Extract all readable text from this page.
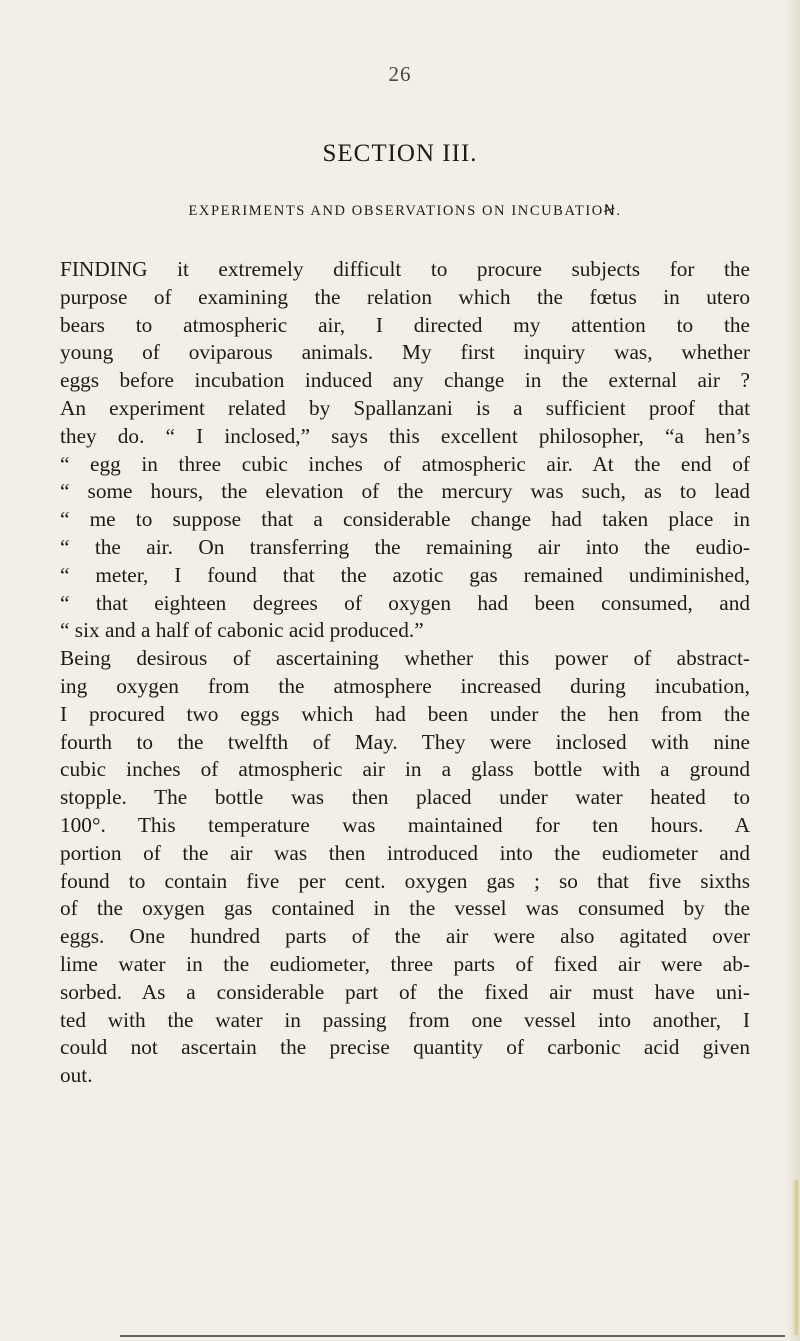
26
SECTION III.
EXPERIMENTS AND OBSERVATIONS ON INCUBATIOꞤ.
FINDING it extremely difficult to procure subjects for the
purpose of examining the relation which the fœtus in utero
bears to atmospheric air, I directed my attention to the
young of oviparous animals. My first inquiry was, whether
eggs before incubation induced any change in the external air ?
An experiment related by Spallanzani is a sufficient proof that
they do. “ I inclosed,” says this excellent philosopher, “a hen’s
“ egg in three cubic inches of atmospheric air. At the end of
“ some hours, the elevation of the mercury was such, as to lead
“ me to suppose that a considerable change had taken place in
“ the air. On transferring the remaining air into the eudio-
“ meter, I found that the azotic gas remained undiminished,
“ that eighteen degrees of oxygen had been consumed, and
“ six and a half of cabonic acid produced.”
Being desirous of ascertaining whether this power of abstract-
ing oxygen from the atmosphere increased during incubation,
I procured two eggs which had been under the hen from the
fourth to the twelfth of May. They were inclosed with nine
cubic inches of atmospheric air in a glass bottle with a ground
stopple. The bottle was then placed under water heated to
100°. This temperature was maintained for ten hours. A
portion of the air was then introduced into the eudiometer and
found to contain five per cent. oxygen gas ; so that five sixths
of the oxygen gas contained in the vessel was consumed by the
eggs. One hundred parts of the air were also agitated over
lime water in the eudiometer, three parts of fixed air were ab-
sorbed. As a considerable part of the fixed air must have uni-
ted with the water in passing from one vessel into another, I
could not ascertain the precise quantity of carbonic acid given
out.
